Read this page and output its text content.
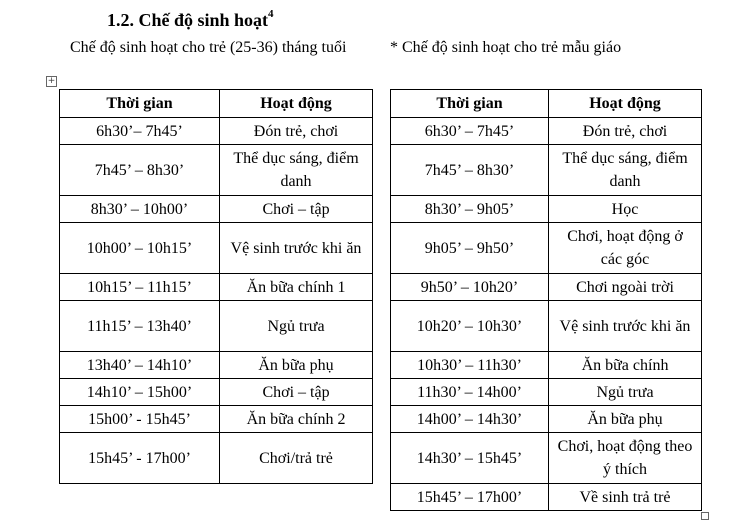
1.2. Chế độ sinh hoạt$^4$
Chế độ sinh hoạt cho trẻ (25-36) tháng tuổi	* Chế độ sinh hoạt cho trẻ mẫu giáo
+
Thời gian	Hoạt động
6h30’– 7h45’	Đón trẻ, chơi
7h45’ – 8h30’	Thể dục sáng, điểm danh
8h30’ – 10h00’	Chơi – tập
10h00’ – 10h15’	Vệ sinh trước khi ăn
10h15’ – 11h15’	Ăn bữa chính 1
11h15’ – 13h40’	Ngủ trưa
13h40’ – 14h10’	Ăn bữa phụ
14h10’ – 15h00’	Chơi – tập
15h00’ - 15h45’	Ăn bữa chính 2
15h45’ - 17h00’	Chơi/trả trẻ
Thời gian	Hoạt động
6h30’ – 7h45’	Đón trẻ, chơi
7h45’ – 8h30’	Thể dục sáng, điểm danh
8h30’ – 9h05’	Học
9h05’ – 9h50’	Chơi, hoạt động ở các góc
9h50’ – 10h20’	Chơi ngoài trời
10h20’ – 10h30’	Vệ sinh trước khi ăn
10h30’ – 11h30’	Ăn bữa chính
11h30’ – 14h00’	Ngủ trưa
14h00’ – 14h30’	Ăn bữa phụ
14h30’ – 15h45’	Chơi, hoạt động theo ý thích
15h45’ – 17h00’	Về sinh trả trẻ
